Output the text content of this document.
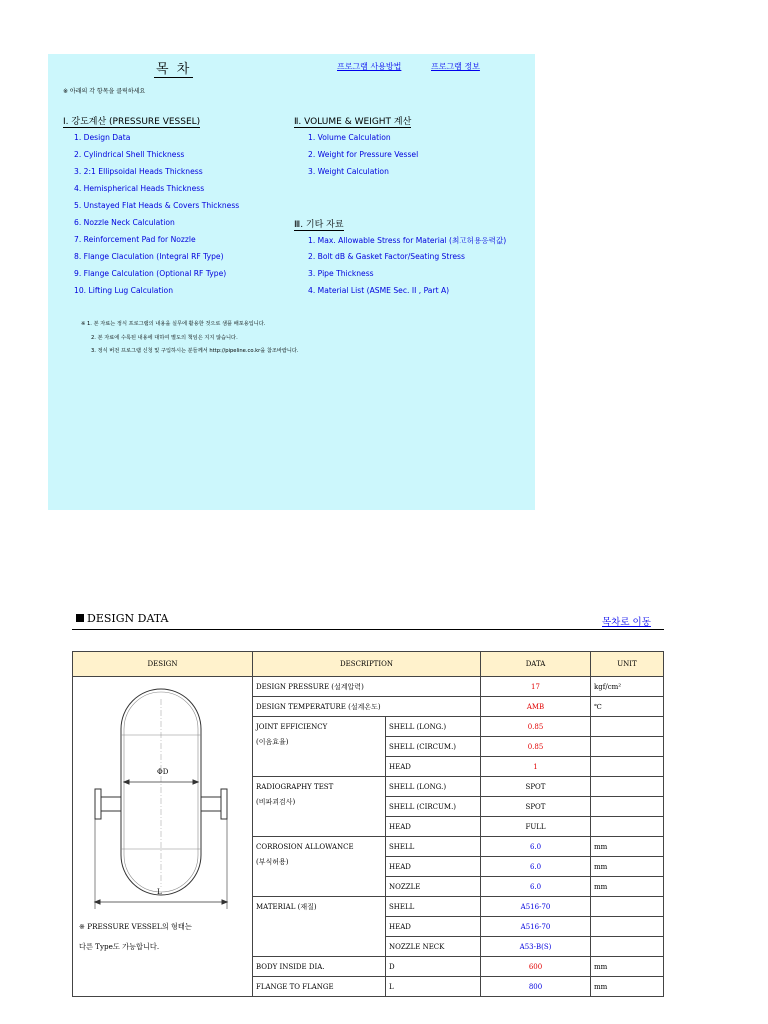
목 차	프로그램 사용방법	프로그램 정보
※ 아래의 각 항목을 클릭하세요
Ⅰ. 강도계산 (PRESSURE VESSEL)
1. Design Data
2. Cylindrical Shell Thickness
3. 2:1 Ellipsoidal Heads Thickness
4. Hemispherical Heads Thickness
5. Unstayed Flat Heads & Covers Thickness
6. Nozzle Neck Calculation
7. Reinforcement Pad for Nozzle
8. Flange Claculation (Integral RF Type)
9. Flange Calculation (Optional RF Type)
10. Lifting Lug Calculation
Ⅱ. VOLUME & WEIGHT 계산
1. Volume Calculation
2. Weight for Pressure Vessel
3. Weight Calculation
Ⅲ. 기타 자료
1. Max. Allowable Stress for Material (최고허용응력값)
2. Bolt dB & Gasket Factor/Seating Stress
3. Pipe Thickness
4. Material List (ASME Sec. II , Part A)
※ 1. 본 자료는 정식 프로그램의 내용을 실무에 활용한 것으로 샘플 배포용입니다.
2. 본 자료에 수록된 내용에 대하여 별도의 책임은 지지 않습니다.
3. 정식 버전 프로그램 신청 및 구입하시는 분들께서 http://pipeline.co.kr을 참조바랍니다.
DESIGN DATA	목차로 이동
DESIGN	DESCRIPTION		DATA	UNIT

ΦD
L
※ PRESSURE VESSEL의 형태는
다른 Type도 가능합니다.	DESIGN PRESSURE (설계압력)		17	kgf/cm²
	DESIGN TEMPERATURE (설계온도)		AMB	℃
	JOINT EFFICIENCY
(이음효율)	SHELL (LONG.)	0.85	
		SHELL (CIRCUM.)	0.85	
		HEAD	1	
	RADIOGRAPHY TEST
(비파괴검사)	SHELL (LONG.)	SPOT	
		SHELL (CIRCUM.)	SPOT	
		HEAD	FULL	
	CORROSION ALLOWANCE
(부식허용)	SHELL	6.0	mm
		HEAD	6.0	mm
		NOZZLE	6.0	mm
	MATERIAL (재질)	SHELL	A516-70	
		HEAD	A516-70	
		NOZZLE NECK	A53-B(S)	
	BODY INSIDE DIA.	D	600	mm
	FLANGE TO FLANGE	L	800	mm
